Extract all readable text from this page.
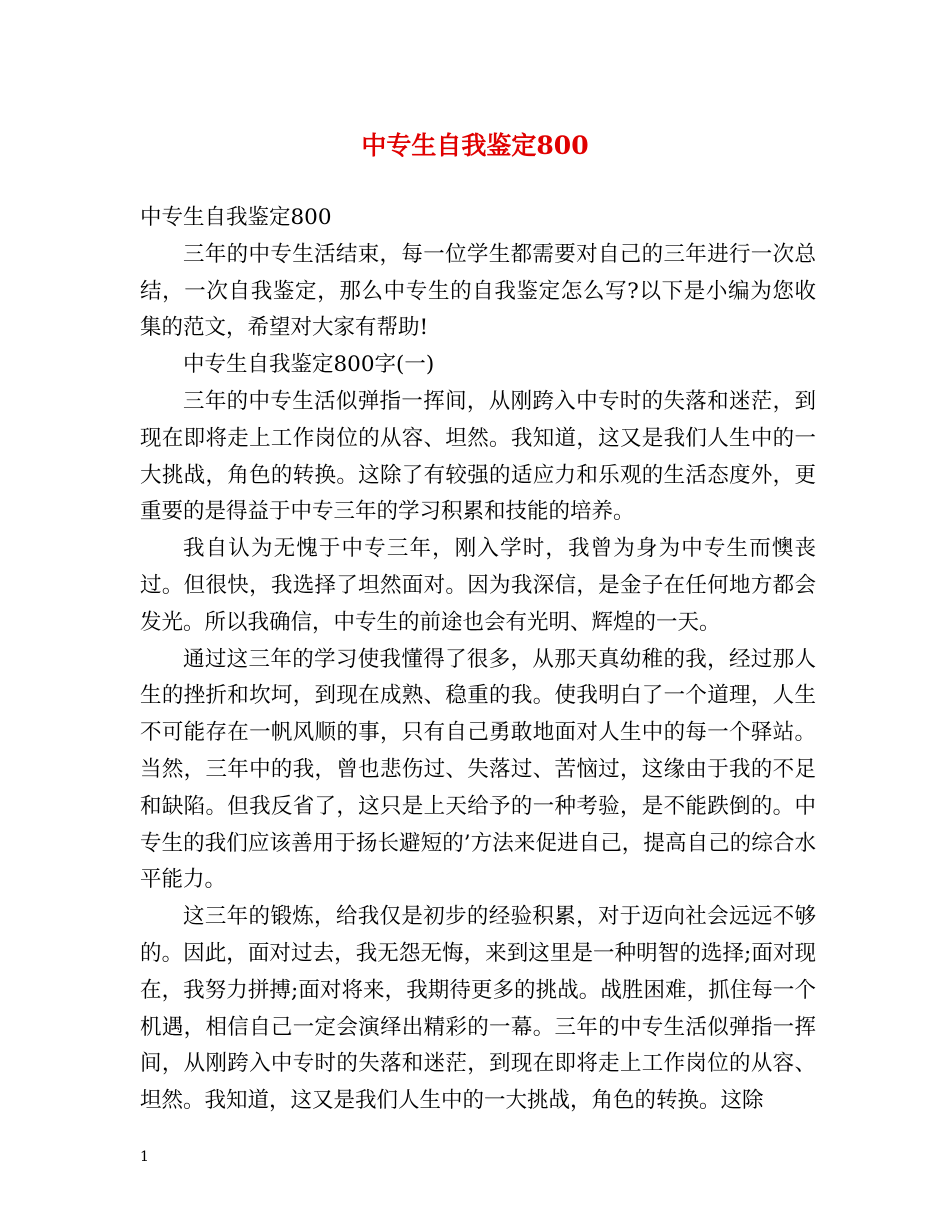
中专生自我鉴定800

中专生自我鉴定800

三年的中专生活结束，每一位学生都需要对自己的三年进行一次总结，一次自我鉴定，那么中专生的自我鉴定怎么写?以下是小编为您收集的范文，希望对大家有帮助!

中专生自我鉴定800字(一)

三年的中专生活似弹指一挥间，从刚跨入中专时的失落和迷茫，到现在即将走上工作岗位的从容、坦然。我知道，这又是我们人生中的一大挑战，角色的转换。这除了有较强的适应力和乐观的生活态度外，更重要的是得益于中专三年的学习积累和技能的培养。

我自认为无愧于中专三年，刚入学时，我曾为身为中专生而懊丧过。但很快，我选择了坦然面对。因为我深信，是金子在任何地方都会发光。所以我确信，中专生的前途也会有光明、辉煌的一天。

通过这三年的学习使我懂得了很多，从那天真幼稚的我，经过那人生的挫折和坎坷，到现在成熟、稳重的我。使我明白了一个道理，人生不可能存在一帆风顺的事，只有自己勇敢地面对人生中的每一个驿站。当然，三年中的我，曾也悲伤过、失落过、苦恼过，这缘由于我的不足和缺陷。但我反省了，这只是上天给予的一种考验，是不能跌倒的。中专生的我们应该善用于扬长避短的’方法来促进自己，提高自己的综合水平能力。

这三年的锻炼，给我仅是初步的经验积累，对于迈向社会远远不够的。因此，面对过去，我无怨无悔，来到这里是一种明智的选择;面对现在，我努力拼搏;面对将来，我期待更多的挑战。战胜困难，抓住每一个机遇，相信自己一定会演绎出精彩的一幕。三年的中专生活似弹指一挥间，从刚跨入中专时的失落和迷茫，到现在即将走上工作岗位的从容、坦然。我知道，这又是我们人生中的一大挑战，角色的转换。这除

1
